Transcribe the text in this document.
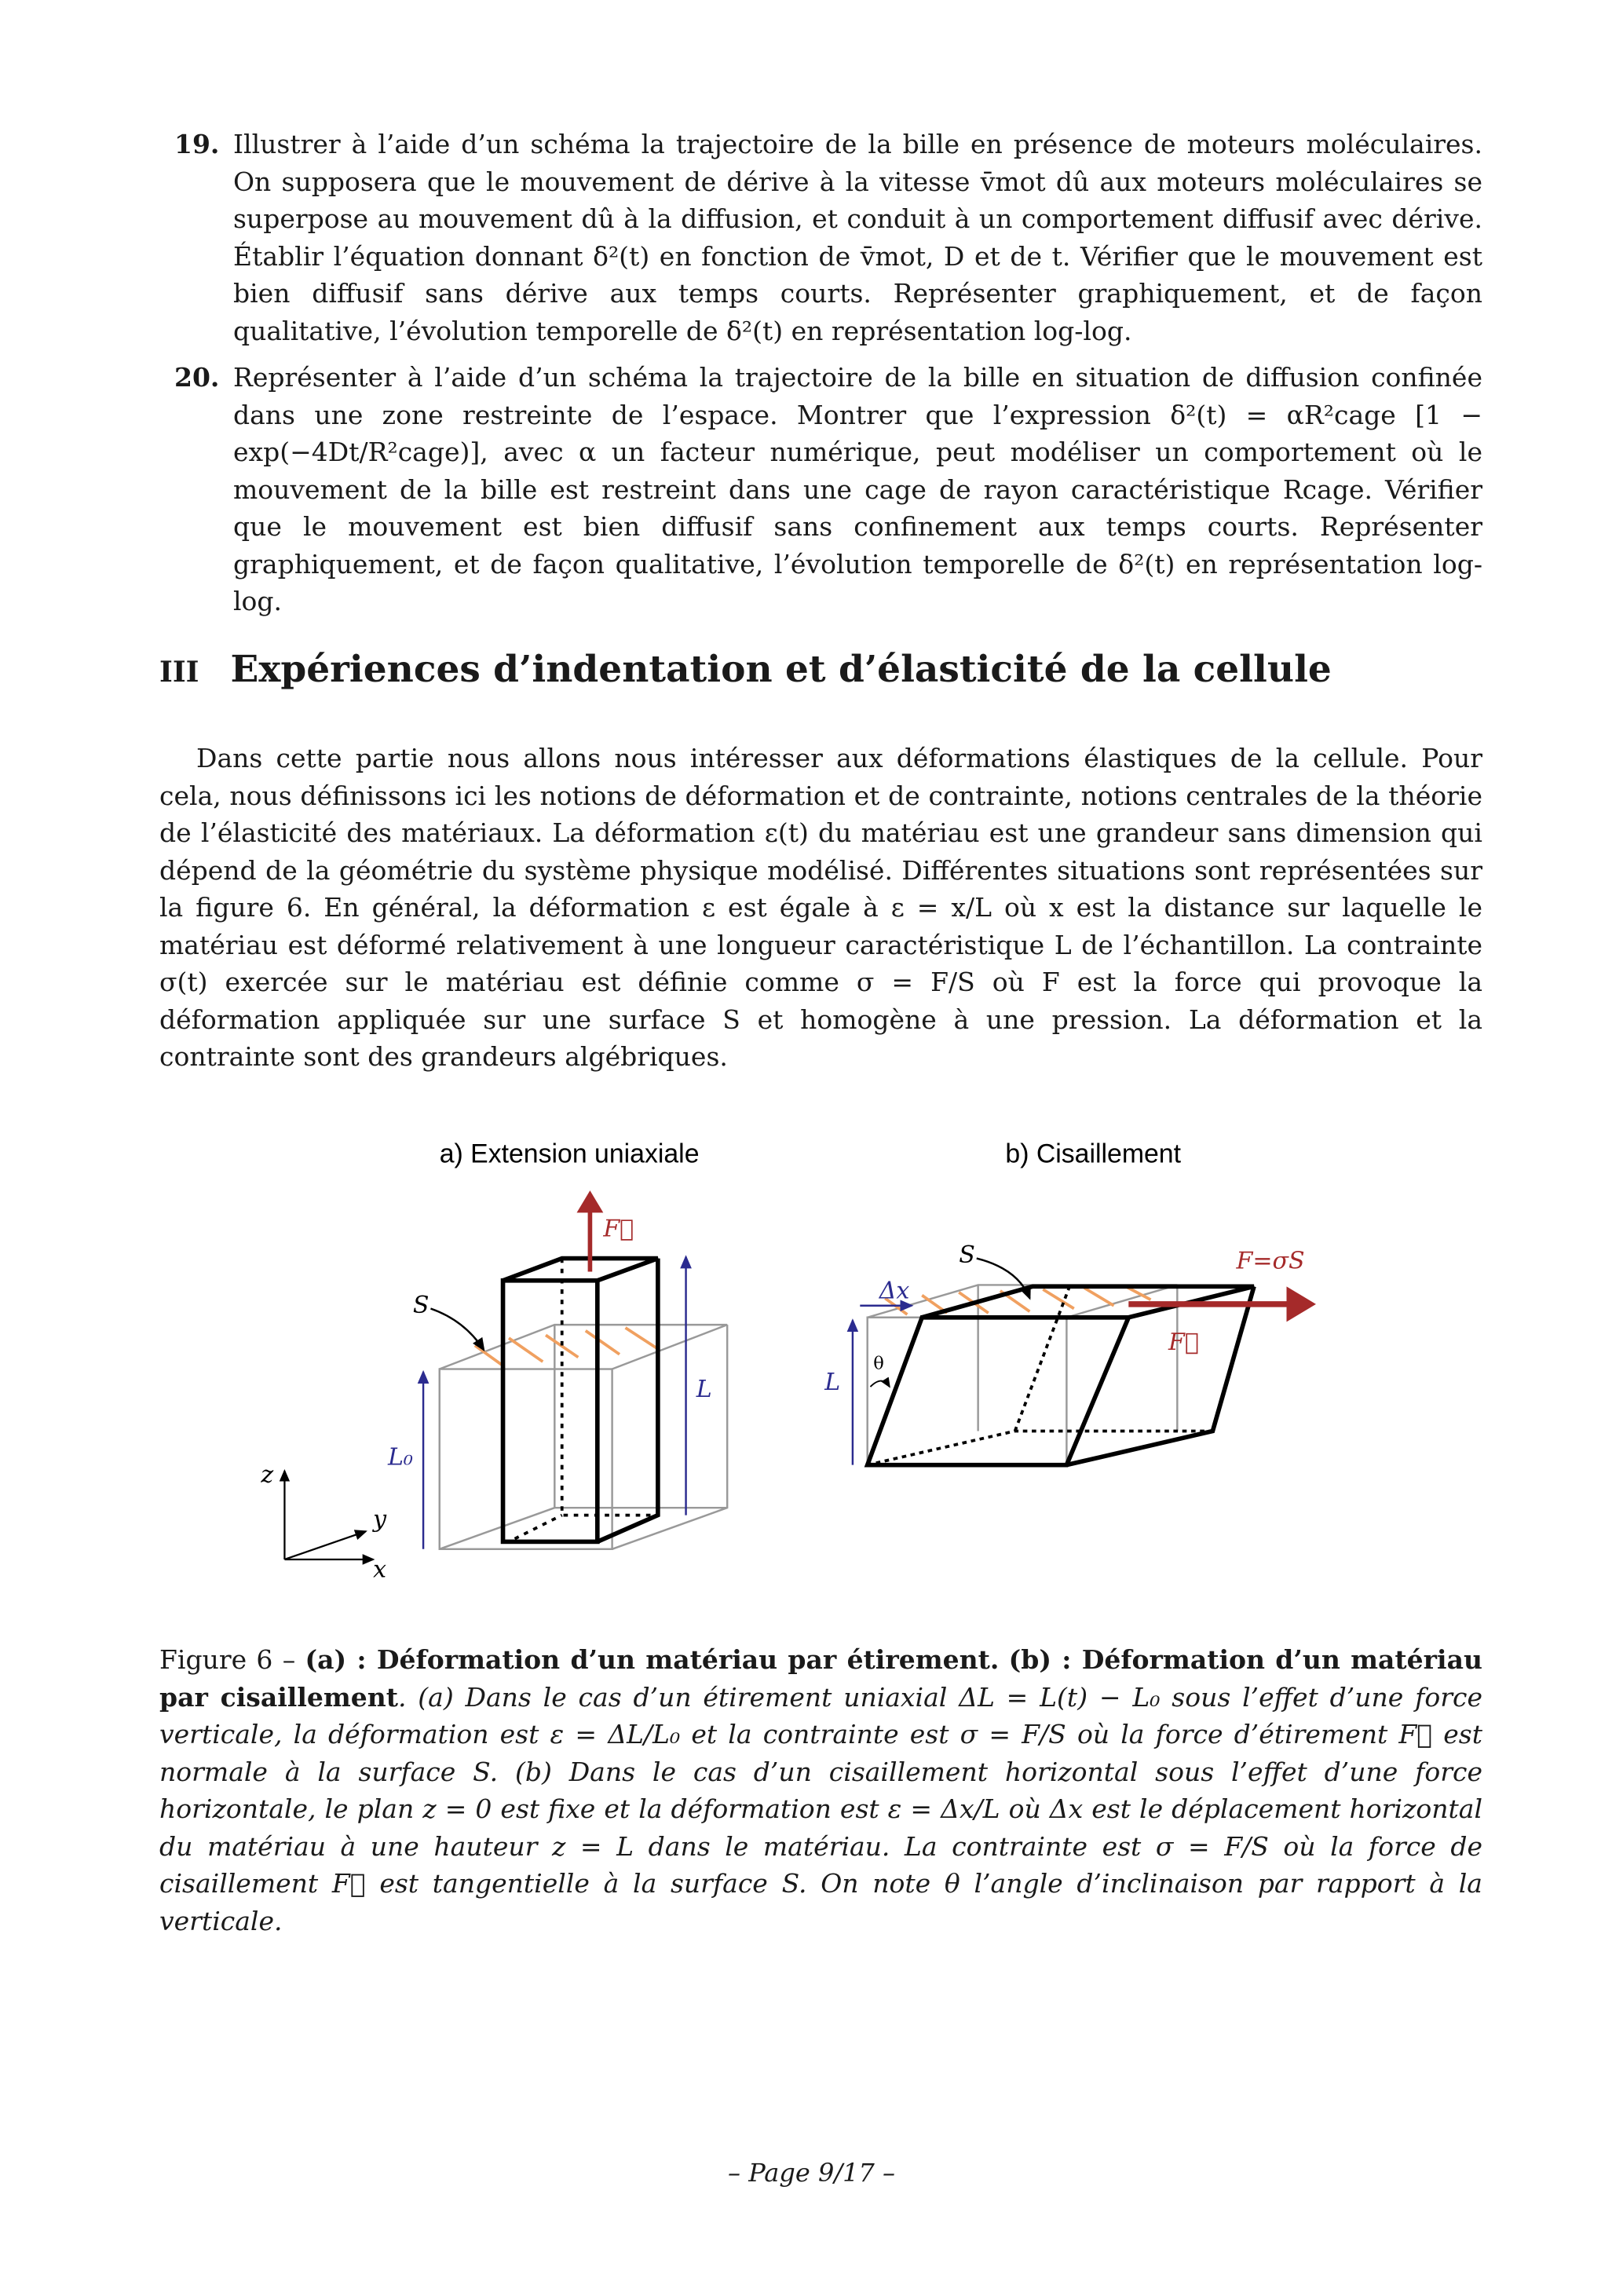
19. Illustrer à l’aide d’un schéma la trajectoire de la bille en présence de moteurs moléculaires. On supposera que le mouvement de dérive à la vitesse v̄mot dû aux moteurs moléculaires se superpose au mouvement dû à la diffusion, et conduit à un comportement diffusif avec dérive. Établir l’équation donnant δ²(t) en fonction de v̄mot, D et de t. Vérifier que le mouvement est bien diffusif sans dérive aux temps courts. Représenter graphiquement, et de façon qualitative, l’évolution temporelle de δ²(t) en représentation log-log.
20. Représenter à l’aide d’un schéma la trajectoire de la bille en situation de diffusion confinée dans une zone restreinte de l’espace. Montrer que l’expression δ²(t) = αR²cage [1 − exp(−4Dt/R²cage)], avec α un facteur numérique, peut modéliser un comportement où le mouvement de la bille est restreint dans une cage de rayon caractéristique Rcage. Vérifier que le mouvement est bien diffusif sans confinement aux temps courts. Représenter graphiquement, et de façon qualitative, l’évolution temporelle de δ²(t) en représentation log-log.
III Expériences d’indentation et d’élasticité de la cellule
Dans cette partie nous allons nous intéresser aux déformations élastiques de la cellule. Pour cela, nous définissons ici les notions de déformation et de contrainte, notions centrales de la théorie de l’élasticité des matériaux. La déformation ε(t) du matériau est une grandeur sans dimension qui dépend de la géométrie du système physique modélisé. Différentes situations sont représentées sur la figure 6. En général, la déformation ε est égale à ε = x/L où x est la distance sur laquelle le matériau est déformé relativement à une longueur caractéristique L de l’échantillon. La contrainte σ(t) exercée sur le matériau est définie comme σ = F/S où F est la force qui provoque la déformation appliquée sur une surface S et homogène à une pression. La déformation et la contrainte sont des grandeurs algébriques.
a) Extension uniaxiale	b) Cisaillement
F⃗
L
L₀
S
z
y
x
F=σS
F⃗
Δx
L
θ
S
Figure 6 – (a) : Déformation d’un matériau par étirement. (b) : Déformation d’un matériau par cisaillement. (a) Dans le cas d’un étirement uniaxial ΔL = L(t) − L₀ sous l’effet d’une force verticale, la déformation est ε = ΔL/L₀ et la contrainte est σ = F/S où la force d’étirement F⃗ est normale à la surface S. (b) Dans le cas d’un cisaillement horizontal sous l’effet d’une force horizontale, le plan z = 0 est fixe et la déformation est ε = Δx/L où Δx est le déplacement horizontal du matériau à une hauteur z = L dans le matériau. La contrainte est σ = F/S où la force de cisaillement F⃗ est tangentielle à la surface S. On note θ l’angle d’inclinaison par rapport à la verticale.
– Page 9/17 –
